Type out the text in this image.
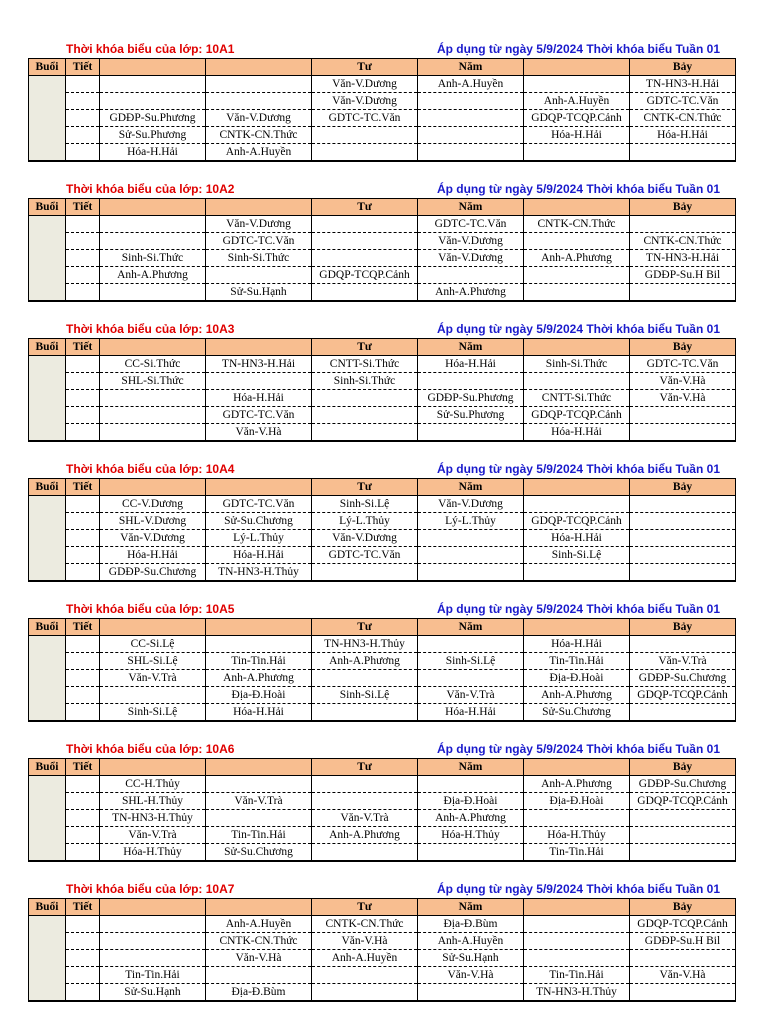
Thời khóa biểu của lớp: 10A1	Áp dụng từ ngày 5/9/2024 Thời khóa biểu Tuần 01
Buổi	Tiết			Tư	Năm		Bảy
				Văn-V.Dương	Anh-A.Huyền		TN-HN3-H.Hải
				Văn-V.Dương		Anh-A.Huyền	GDTC-TC.Văn
		GDĐP-Su.Phương	Văn-V.Dương	GDTC-TC.Văn		GDQP-TCQP.Cảnh	CNTK-CN.Thức
		Sử-Su.Phương	CNTK-CN.Thức			Hóa-H.Hải	Hóa-H.Hải
		Hóa-H.Hải	Anh-A.Huyền				
Thời khóa biểu của lớp: 10A2	Áp dụng từ ngày 5/9/2024 Thời khóa biểu Tuần 01
Buổi	Tiết			Tư	Năm		Bảy
			Văn-V.Dương		GDTC-TC.Văn	CNTK-CN.Thức	
			GDTC-TC.Văn		Văn-V.Dương		CNTK-CN.Thức
		Sinh-Si.Thức	Sinh-Si.Thức		Văn-V.Dương	Anh-A.Phương	TN-HN3-H.Hải
		Anh-A.Phương		GDQP-TCQP.Cảnh			GDĐP-Su.H Bil
			Sử-Su.Hạnh		Anh-A.Phương		
Thời khóa biểu của lớp: 10A3	Áp dụng từ ngày 5/9/2024 Thời khóa biểu Tuần 01
Buổi	Tiết			Tư	Năm		Bảy
		CC-Si.Thức	TN-HN3-H.Hải	CNTT-Si.Thức	Hóa-H.Hải	Sinh-Si.Thức	GDTC-TC.Văn
		SHL-Si.Thức		Sinh-Si.Thức			Văn-V.Hà
			Hóa-H.Hải		GDĐP-Su.Phương	CNTT-Si.Thức	Văn-V.Hà
			GDTC-TC.Văn		Sử-Su.Phương	GDQP-TCQP.Cảnh	
			Văn-V.Hà			Hóa-H.Hải	
Thời khóa biểu của lớp: 10A4	Áp dụng từ ngày 5/9/2024 Thời khóa biểu Tuần 01
Buổi	Tiết			Tư	Năm		Bảy
		CC-V.Dương	GDTC-TC.Văn	Sinh-Si.Lệ	Văn-V.Dương		
		SHL-V.Dương	Sử-Su.Chương	Lý-L.Thủy	Lý-L.Thủy	GDQP-TCQP.Cảnh	
		Văn-V.Dương	Lý-L.Thủy	Văn-V.Dương		Hóa-H.Hải	
		Hóa-H.Hải	Hóa-H.Hải	GDTC-TC.Văn		Sinh-Si.Lệ	
		GDĐP-Su.Chương	TN-HN3-H.Thủy				
Thời khóa biểu của lớp: 10A5	Áp dụng từ ngày 5/9/2024 Thời khóa biểu Tuần 01
Buổi	Tiết			Tư	Năm		Bảy
		CC-Si.Lệ		TN-HN3-H.Thủy		Hóa-H.Hải	
		SHL-Si.Lệ	Tin-Tin.Hải	Anh-A.Phương	Sinh-Si.Lệ	Tin-Tin.Hải	Văn-V.Trà
		Văn-V.Trà	Anh-A.Phương			Địa-Đ.Hoài	GDĐP-Su.Chương
			Địa-Đ.Hoài	Sinh-Si.Lệ	Văn-V.Trà	Anh-A.Phương	GDQP-TCQP.Cảnh
		Sinh-Si.Lệ	Hóa-H.Hải		Hóa-H.Hải	Sử-Su.Chương	
Thời khóa biểu của lớp: 10A6	Áp dụng từ ngày 5/9/2024 Thời khóa biểu Tuần 01
Buổi	Tiết			Tư	Năm		Bảy
		CC-H.Thủy				Anh-A.Phương	GDĐP-Su.Chương
		SHL-H.Thủy	Văn-V.Trà		Địa-Đ.Hoài	Địa-Đ.Hoài	GDQP-TCQP.Cảnh
		TN-HN3-H.Thủy		Văn-V.Trà	Anh-A.Phương		
		Văn-V.Trà	Tin-Tin.Hải	Anh-A.Phương	Hóa-H.Thủy	Hóa-H.Thủy	
		Hóa-H.Thủy	Sử-Su.Chương			Tin-Tin.Hải	
Thời khóa biểu của lớp: 10A7	Áp dụng từ ngày 5/9/2024 Thời khóa biểu Tuần 01
Buổi	Tiết			Tư	Năm		Bảy
			Anh-A.Huyền	CNTK-CN.Thức	Địa-Đ.Bùm		GDQP-TCQP.Cảnh
			CNTK-CN.Thức	Văn-V.Hà	Anh-A.Huyền		GDĐP-Su.H Bil
			Văn-V.Hà	Anh-A.Huyền	Sử-Su.Hạnh		
		Tin-Tin.Hải			Văn-V.Hà	Tin-Tin.Hải	Văn-V.Hà
		Sử-Su.Hạnh	Địa-Đ.Bùm			TN-HN3-H.Thủy	
